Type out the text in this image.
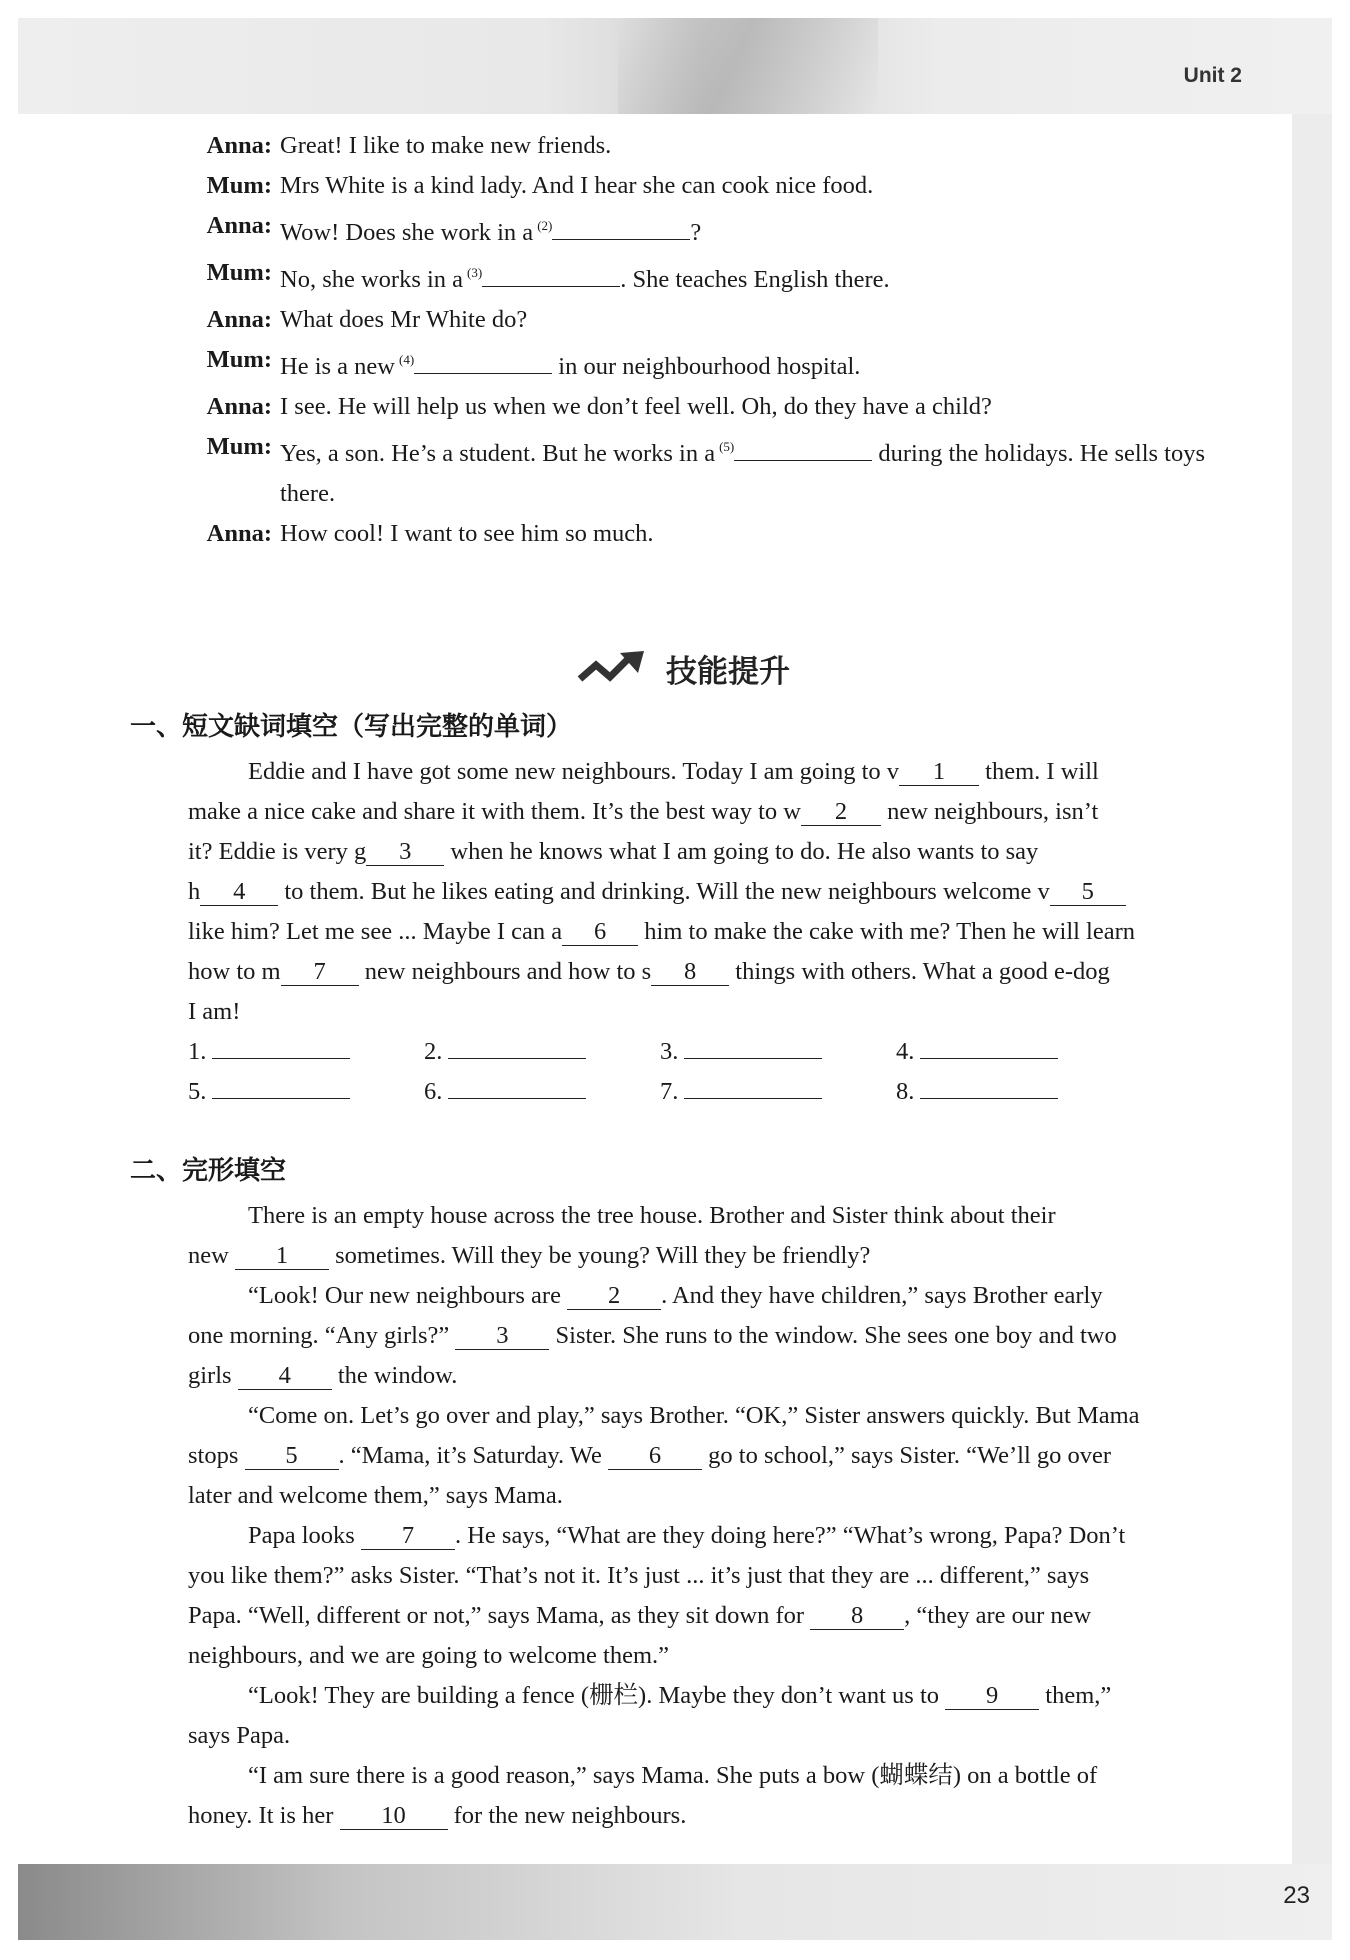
Unit 2
23
Anna: Great! I like to make new friends.
Mum: Mrs White is a kind lady. And I hear she can cook nice food.
Anna: Wow! Does she work in a $^{(2)}$	?
Mum: No, she works in a $^{(3)}$	. She teaches English there.
Anna: What does Mr White do?
Mum: He is a new $^{(4)}$	in our neighbourhood hospital.
Anna: I see. He will help us when we don’t feel well. Oh, do they have a child?
Mum: Yes, a son. He’s a student. But he works in a $^{(5)}$	during the holidays. He sells toys there.
Anna: How cool! I want to see him so much.
技能提升
一、短文缺词填空（写出完整的单词）
Eddie and I have got some new neighbours. Today I am going to v 1 them. I will
make a nice cake and share it with them. It’s the best way to w 2 new neighbours, isn’t
it? Eddie is very g 3 when he knows what I am going to do. He also wants to say
h 4 to them. But he likes eating and drinking. Will the new neighbours welcome v 5
like him? Let me see ... Maybe I can a 6 him to make the cake with me? Then he will learn
how to m 7 new neighbours and how to s 8 things with others. What a good e-dog
I am!
1.	2.	3.	4.
5.	6.	7.	8.
二、完形填空
There is an empty house across the tree house. Brother and Sister think about their
new 1 sometimes. Will they be young? Will they be friendly?
“Look! Our new neighbours are 2 . And they have children,” says Brother early
one morning. “Any girls?” 3 Sister. She runs to the window. She sees one boy and two
girls 4 the window.
“Come on. Let’s go over and play,” says Brother. “OK,” Sister answers quickly. But Mama
stops 5 . “Mama, it’s Saturday. We 6 go to school,” says Sister. “We’ll go over
later and welcome them,” says Mama.
Papa looks 7 . He says, “What are they doing here?” “What’s wrong, Papa? Don’t
you like them?” asks Sister. “That’s not it. It’s just ... it’s just that they are ... different,” says
Papa. “Well, different or not,” says Mama, as they sit down for 8 , “they are our new
neighbours, and we are going to welcome them.”
“Look! They are building a fence (栅栏). Maybe they don’t want us to 9 them,”
says Papa.
“I am sure there is a good reason,” says Mama. She puts a bow (蝴蝶结) on a bottle of
honey. It is her 10 for the new neighbours.
